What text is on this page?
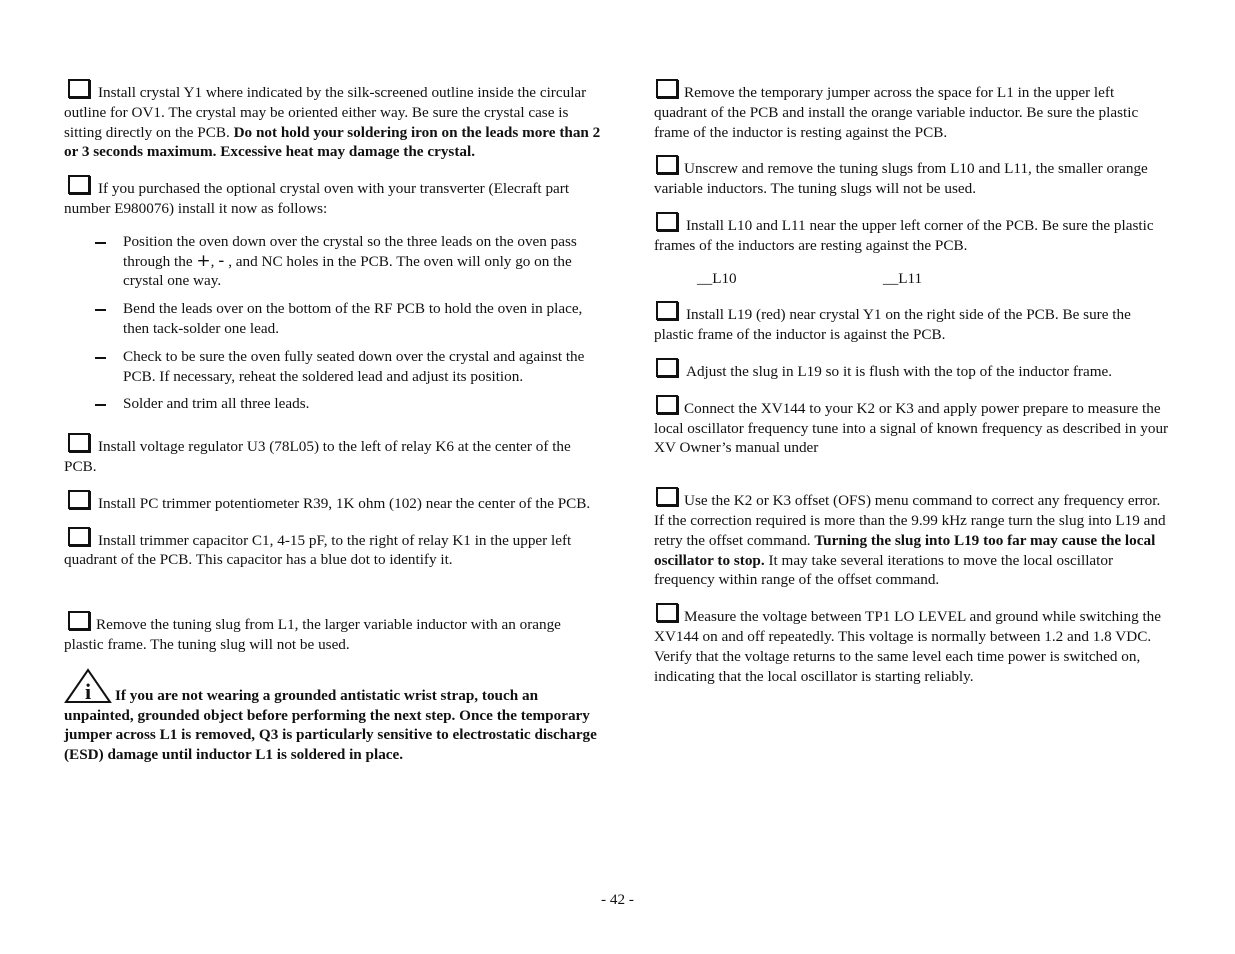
Install crystal Y1 where indicated by the silk-screened outline inside the circular outline for OV1. The crystal may be oriented either way. Be sure the crystal case is sitting directly on the PCB. Do not hold your soldering iron on the leads more than 2 or 3 seconds maximum. Excessive heat may damage the crystal.

If you purchased the optional crystal oven with your transverter (Elecraft part number E980076) install it now as follows:

Position the oven down over the crystal so the three leads on the oven pass through the +, - , and NC holes in the PCB. The oven will only go on the crystal one way.

Bend the leads over on the bottom of the RF PCB to hold the oven in place, then tack-solder one lead.

Check to be sure the oven fully seated down over the crystal and against the PCB. If necessary, reheat the soldered lead and adjust its position.

Solder and trim all three leads.

Install voltage regulator U3 (78L05) to the left of relay K6 at the center of the PCB.

Install PC trimmer potentiometer R39, 1K ohm (102) near the center of the PCB.

Install trimmer capacitor C1, 4-15 pF, to the right of relay K1 in the upper left quadrant of the PCB. This capacitor has a blue dot to identify it.

Remove the tuning slug from L1, the larger variable inductor with an orange plastic frame. The tuning slug will not be used.

i If you are not wearing a grounded antistatic wrist strap, touch an unpainted, grounded object before performing the next step. Once the temporary jumper across L1 is removed, Q3 is particularly sensitive to electrostatic discharge (ESD) damage until inductor L1 is soldered in place.

Remove the temporary jumper across the space for L1 in the upper left quadrant of the PCB and install the orange variable inductor. Be sure the plastic frame of the inductor is resting against the PCB.

Unscrew and remove the tuning slugs from L10 and L11, the smaller orange variable inductors. The tuning slugs will not be used.

Install L10 and L11 near the upper left corner of the PCB. Be sure the plastic frames of the inductors are resting against the PCB.

__L10	__L11

Install L19 (red) near crystal Y1 on the right side of the PCB. Be sure the plastic frame of the inductor is against the PCB.

Adjust the slug in L19 so it is flush with the top of the inductor frame.

Connect the XV144 to your K2 or K3 and apply power prepare to measure the local oscillator frequency tune into a signal of known frequency as described in your XV Owner’s manual under

Use the K2 or K3 offset (OFS) menu command to correct any frequency error. If the correction required is more than the 9.99 kHz range turn the slug into L19 and retry the offset command. Turning the slug into L19 too far may cause the local oscillator to stop. It may take several iterations to move the local oscillator frequency within range of the offset command.

Measure the voltage between TP1 LO LEVEL and ground while switching the XV144 on and off repeatedly. This voltage is normally between 1.2 and 1.8 VDC. Verify that the voltage returns to the same level each time power is switched on, indicating that the local oscillator is starting reliably.

- 42 -
